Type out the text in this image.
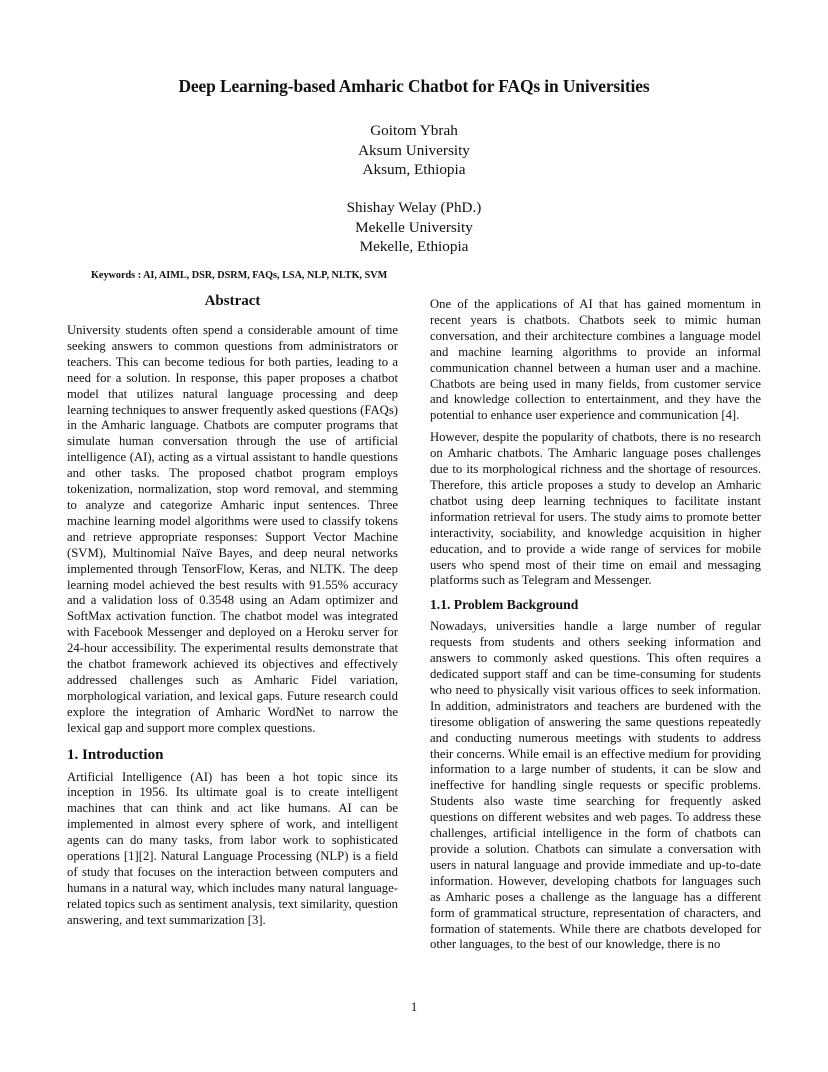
Deep Learning-based Amharic Chatbot for FAQs in Universities
Goitom Ybrah
Aksum University
Aksum, Ethiopia
Shishay Welay (PhD.)
Mekelle University
Mekelle, Ethiopia
Keywords : AI, AIML, DSR, DSRM, FAQs, LSA, NLP, NLTK, SVM
Abstract

University students often spend a considerable amount of time seeking answers to common questions from administrators or teachers. This can become tedious for both parties, leading to a need for a solution. In response, this paper proposes a chatbot model that utilizes natural language processing and deep learning techniques to answer frequently asked questions (FAQs) in the Amharic language. Chatbots are computer programs that simulate human conversation through the use of artificial intelligence (AI), acting as a virtual assistant to handle questions and other tasks. The proposed chatbot program employs tokenization, normalization, stop word removal, and stemming to analyze and categorize Amharic input sentences. Three machine learning model algorithms were used to classify tokens and retrieve appropriate responses: Support Vector Machine (SVM), Multinomial Naïve Bayes, and deep neural networks implemented through TensorFlow, Keras, and NLTK. The deep learning model achieved the best results with 91.55% accuracy and a validation loss of 0.3548 using an Adam optimizer and SoftMax activation function. The chatbot model was integrated with Facebook Messenger and deployed on a Heroku server for 24-hour accessibility. The experimental results demonstrate that the chatbot framework achieved its objectives and effectively addressed challenges such as Amharic Fidel variation, morphological variation, and lexical gaps. Future research could explore the integration of Amharic WordNet to narrow the lexical gap and support more complex questions.

1. Introduction

Artificial Intelligence (AI) has been a hot topic since its inception in 1956. Its ultimate goal is to create intelligent machines that can think and act like humans. AI can be implemented in almost every sphere of work, and intelligent agents can do many tasks, from labor work to sophisticated operations [1][2]. Natural Language Processing (NLP) is a field of study that focuses on the interaction between computers and humans in a natural way, which includes many natural language-related topics such as sentiment analysis, text similarity, question answering, and text summarization [3].

One of the applications of AI that has gained momentum in recent years is chatbots. Chatbots seek to mimic human conversation, and their architecture combines a language model and machine learning algorithms to provide an informal communication channel between a human user and a machine. Chatbots are being used in many fields, from customer service and knowledge collection to entertainment, and they have the potential to enhance user experience and communication [4].

However, despite the popularity of chatbots, there is no research on Amharic chatbots. The Amharic language poses challenges due to its morphological richness and the shortage of resources. Therefore, this article proposes a study to develop an Amharic chatbot using deep learning techniques to facilitate instant information retrieval for users. The study aims to promote better interactivity, sociability, and knowledge acquisition in higher education, and to provide a wide range of services for mobile users who spend most of their time on email and messaging platforms such as Telegram and Messenger.

1.1. Problem Background

Nowadays, universities handle a large number of regular requests from students and others seeking information and answers to commonly asked questions. This often requires a dedicated support staff and can be time-consuming for students who need to physically visit various offices to seek information. In addition, administrators and teachers are burdened with the tiresome obligation of answering the same questions repeatedly and conducting numerous meetings with students to address their concerns. While email is an effective medium for providing information to a large number of students, it can be slow and ineffective for handling single requests or specific problems. Students also waste time searching for frequently asked questions on different websites and web pages. To address these challenges, artificial intelligence in the form of chatbots can provide a solution. Chatbots can simulate a conversation with users in natural language and provide immediate and up-to-date information. However, developing chatbots for languages such as Amharic poses a challenge as the language has a different form of grammatical structure, representation of characters, and formation of statements. While there are chatbots developed for other languages, to the best of our knowledge, there is no

1
